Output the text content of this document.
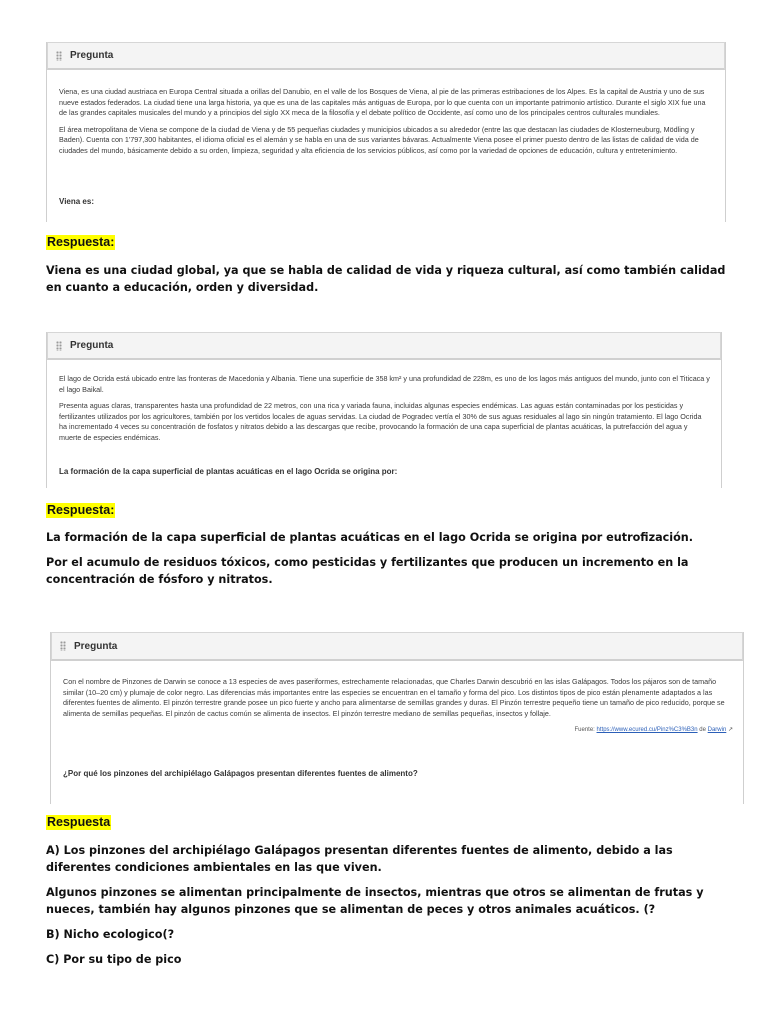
Pregunta

Viena, es una ciudad austriaca en Europa Central situada a orillas del Danubio, en el valle de los Bosques de Viena, al pie de las primeras estribaciones de los Alpes. Es la capital de Austria y uno de sus nueve estados federados. La ciudad tiene una larga historia, ya que es una de las capitales más antiguas de Europa, por lo que cuenta con un importante patrimonio artístico. Durante el siglo XIX fue una de las grandes capitales musicales del mundo y a principios del siglo XX meca de la filosofía y el debate político de Occidente, así como uno de los principales centros culturales mundiales.

El área metropolitana de Viena se compone de la ciudad de Viena y de 55 pequeñas ciudades y municipios ubicados a su alrededor (entre las que destacan las ciudades de Klosterneuburg, Mödling y Baden). Cuenta con 1'797,300 habitantes, el idioma oficial es el alemán y se habla en una de sus variantes bávaras. Actualmente Viena posee el primer puesto dentro de las listas de calidad de vida de ciudades del mundo, básicamente debido a su orden, limpieza, seguridad y alta eficiencia de los servicios públicos, así como por la variedad de opciones de educación, cultura y entretenimiento.

Viena es:
Respuesta:

Viena es una ciudad global, ya que se habla de calidad de vida y riqueza cultural, así como también calidad en cuanto a educación, orden y diversidad.

Pregunta

El lago de Ocrida está ubicado entre las fronteras de Macedonia y Albania. Tiene una superficie de 358 km² y una profundidad de 228m, es uno de los lagos más antiguos del mundo, junto con el Titicaca y el lago Baikal.

Presenta aguas claras, transparentes hasta una profundidad de 22 metros, con una rica y variada fauna, incluidas algunas especies endémicas. Las aguas están contaminadas por los pesticidas y fertilizantes utilizados por los agricultores, también por los vertidos locales de aguas servidas. La ciudad de Pogradec vertía el 30% de sus aguas residuales al lago sin ningún tratamiento. El lago Ocrida ha incrementado 4 veces su concentración de fosfatos y nitratos debido a las descargas que recibe, provocando la formación de una capa superficial de plantas acuáticas, la putrefacción del agua y muerte de especies endémicas.

La formación de la capa superficial de plantas acuáticas en el lago Ocrida se origina por:
Respuesta:

La formación de la capa superficial de plantas acuáticas en el lago Ocrida se origina por eutrofización.

Por el acumulo de residuos tóxicos, como pesticidas y fertilizantes que producen un incremento en la concentración de fósforo y nitratos.

Pregunta

Con el nombre de Pinzones de Darwin se conoce a 13 especies de aves paseriformes, estrechamente relacionadas, que Charles Darwin descubrió en las islas Galápagos. Todos los pájaros son de tamaño similar (10–20 cm) y plumaje de color negro. Las diferencias más importantes entre las especies se encuentran en el tamaño y forma del pico. Los distintos tipos de pico están plenamente adaptados a las diferentes fuentes de alimento. El pinzón terrestre grande posee un pico fuerte y ancho para alimentarse de semillas grandes y duras. El Pinzón terrestre pequeño tiene un tamaño de pico reducido, porque se alimenta de semillas pequeñas. El pinzón de cactus común se alimenta de insectos. El pinzón terrestre mediano de semillas pequeñas, insectos y follaje.

Fuente: https://www.ecured.cu/Pinz%C3%B3n de Darwin ↗
¿Por qué los pinzones del archipiélago Galápagos presentan diferentes fuentes de alimento?
Respuesta

A) Los pinzones del archipiélago Galápagos presentan diferentes fuentes de alimento, debido a las diferentes condiciones ambientales en las que viven.

Algunos pinzones se alimentan principalmente de insectos, mientras que otros se alimentan de frutas y nueces, también hay algunos pinzones que se alimentan de peces y otros animales acuáticos. (?

B) Nicho ecologico(?

C) Por su tipo de pico
